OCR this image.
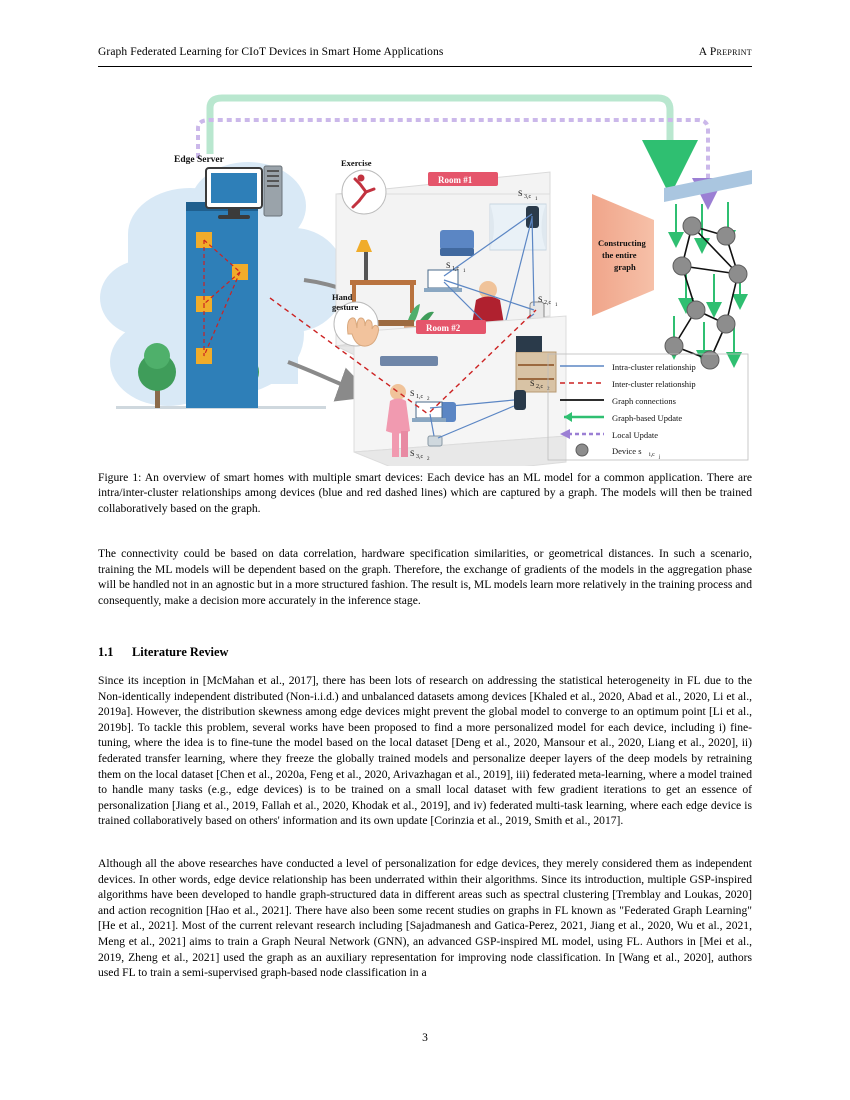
Graph Federated Learning for CIoT Devices in Smart Home Applications	A Preprint
Edge Server
Room #1
S 1,c 1
S 2,c 1
S 3,c 1
Exercise
Room #2
S 1,c 2
S 2,c 2
S 3,c 2
Hand
gesture
Constructing
the entire
graph
Intra-cluster relationship
Inter-cluster relationship
Graph connections
Graph-based Update
Local Update
Device s i,c j
Figure 1: An overview of smart homes with multiple smart devices: Each device has an ML model for a common application. There are intra/inter-cluster relationships among devices (blue and red dashed lines) which are captured by a graph. The models will then be trained collaboratively based on the graph.
The connectivity could be based on data correlation, hardware specification similarities, or geometrical distances. In such a scenario, training the ML models will be dependent based on the graph. Therefore, the exchange of gradients of the models in the aggregation phase will be handled not in an agnostic but in a more structured fashion. The result is, ML models learn more relatively in the training process and consequently, make a decision more accurately in the inference stage.
1.1 Literature Review
Since its inception in [McMahan et al., 2017], there has been lots of research on addressing the statistical heterogeneity in FL due to the Non-identically independent distributed (Non-i.i.d.) and unbalanced datasets among devices [Khaled et al., 2020, Abad et al., 2020, Li et al., 2019a]. However, the distribution skewness among edge devices might prevent the global model to converge to an optimum point [Li et al., 2019b]. To tackle this problem, several works have been proposed to find a more personalized model for each device, including i) fine-tuning, where the idea is to fine-tune the model based on the local dataset [Deng et al., 2020, Mansour et al., 2020, Liang et al., 2020], ii) federated transfer learning, where they freeze the globally trained models and personalize deeper layers of the deep models by retraining them on the local dataset [Chen et al., 2020a, Feng et al., 2020, Arivazhagan et al., 2019], iii) federated meta-learning, where a model trained to handle many tasks (e.g., edge devices) is to be trained on a small local dataset with few gradient iterations to get an essence of personalization [Jiang et al., 2019, Fallah et al., 2020, Khodak et al., 2019], and iv) federated multi-task learning, where each edge device is trained collaboratively based on others' information and its own update [Corinzia et al., 2019, Smith et al., 2017].
Although all the above researches have conducted a level of personalization for edge devices, they merely considered them as independent devices. In other words, edge device relationship has been underrated within their algorithms. Since its introduction, multiple GSP-inspired algorithms have been developed to handle graph-structured data in different areas such as spectral clustering [Tremblay and Loukas, 2020] and action recognition [Hao et al., 2021]. There have also been some recent studies on graphs in FL known as "Federated Graph Learning" [He et al., 2021]. Most of the current relevant research including [Sajadmanesh and Gatica-Perez, 2021, Jiang et al., 2020, Wu et al., 2021, Meng et al., 2021] aims to train a Graph Neural Network (GNN), an advanced GSP-inspired ML model, using FL. Authors in [Mei et al., 2019, Zheng et al., 2021] used the graph as an auxiliary representation for improving node classification. In [Wang et al., 2020], authors used FL to train a semi-supervised graph-based node classification in a
3
